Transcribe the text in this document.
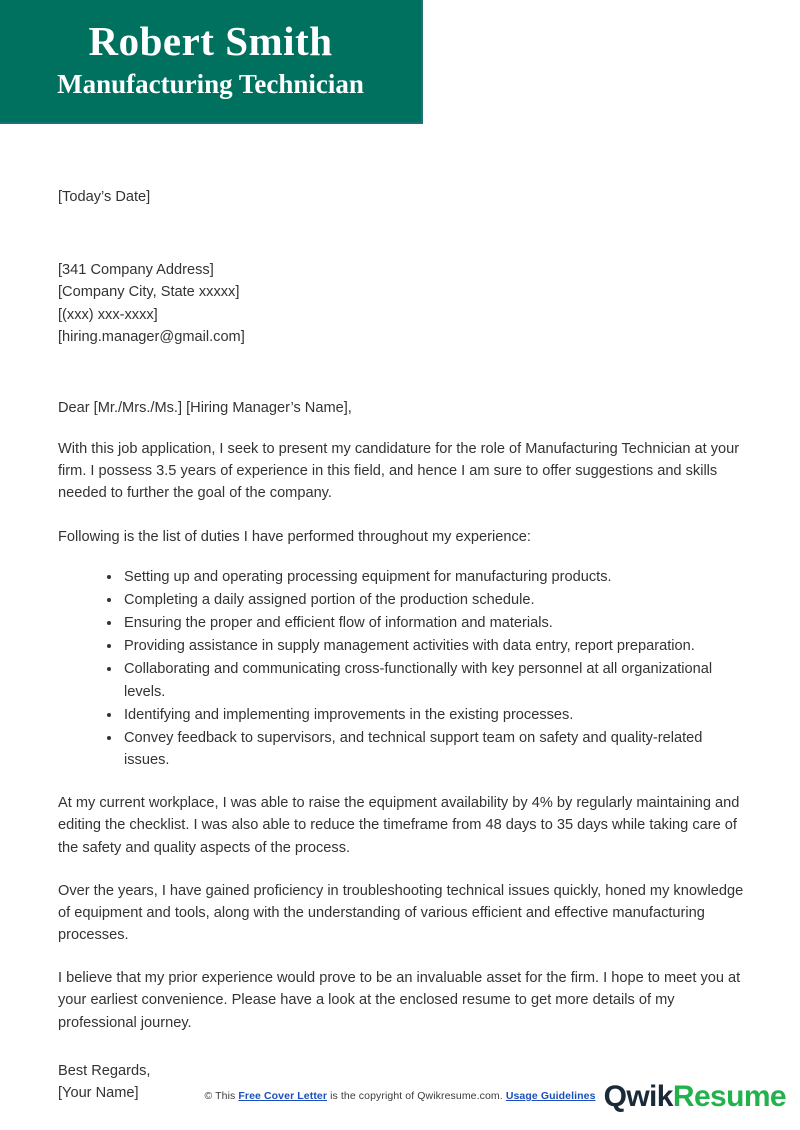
Robert Smith
Manufacturing Technician

[Today’s Date]

[341 Company Address]

[Company City, State xxxxx]

[(xxx) xxx-xxxx]

[hiring.manager@gmail.com]

Dear [Mr./Mrs./Ms.] [Hiring Manager’s Name],

With this job application, I seek to present my candidature for the role of Manufacturing Technician at your firm. I possess 3.5 years of experience in this field, and hence I am sure to offer suggestions and skills needed to further the goal of the company.

Following is the list of duties I have performed throughout my experience:

Setting up and operating processing equipment for manufacturing products.
Completing a daily assigned portion of the production schedule.
Ensuring the proper and efficient flow of information and materials.
Providing assistance in supply management activities with data entry, report preparation.
Collaborating and communicating cross-functionally with key personnel at all organizational levels.
Identifying and implementing improvements in the existing processes.
Convey feedback to supervisors, and technical support team on safety and quality-related issues.

At my current workplace, I was able to raise the equipment availability by 4% by regularly maintaining and editing the checklist. I was also able to reduce the timeframe from 48 days to 35 days while taking care of the safety and quality aspects of the process.

Over the years, I have gained proficiency in troubleshooting technical issues quickly, honed my knowledge of equipment and tools, along with the understanding of various efficient and effective manufacturing processes.

I believe that my prior experience would prove to be an invaluable asset for the firm. I hope to meet you at your earliest convenience. Please have a look at the enclosed resume to get more details of my professional journey.

Best Regards,

[Your Name]	© This Free Cover Letter is the copyright of Qwikresume.com. Usage Guidelines QwikResume
